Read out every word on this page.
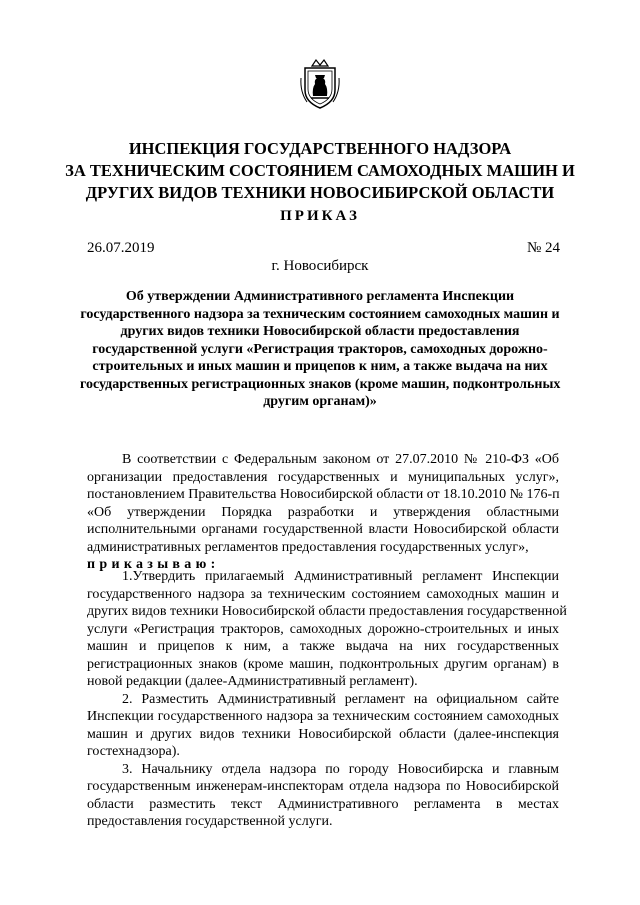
ИНСПЕКЦИЯ ГОСУДАРСТВЕННОГО НАДЗОРА
ЗА ТЕХНИЧЕСКИМ СОСТОЯНИЕМ САМОХОДНЫХ МАШИН И
ДРУГИХ ВИДОВ ТЕХНИКИ НОВОСИБИРСКОЙ ОБЛАСТИ
ПРИКАЗ
26.07.2019	№ 24
г. Новосибирск
Об утверждении Административного регламента Инспекции
государственного надзора за техническим состоянием самоходных машин и
других видов техники Новосибирской области предоставления
государственной услуги «Регистрация тракторов, самоходных дорожно-
строительных и иных машин и прицепов к ним, а также выдача на них
государственных регистрационных знаков (кроме машин, подконтрольных
другим органам)»
В соответствии с Федеральным законом от 27.07.2010 № 210-ФЗ «Об
организации предоставления государственных и муниципальных услуг»,
постановлением Правительства Новосибирской области от 18.10.2010 № 176-п
«Об утверждении Порядка разработки и утверждения областными
исполнительными органами государственной власти Новосибирской области
административных регламентов предоставления государственных услуг»,
приказываю:
1.Утвердить прилагаемый Административный регламент Инспекции
государственного надзора за техническим состоянием самоходных машин и
других видов техники Новосибирской области предоставления государственной
услуги «Регистрация тракторов, самоходных дорожно-строительных и иных
машин и прицепов к ним, а также выдача на них государственных
регистрационных знаков (кроме машин, подконтрольных другим органам) в
новой редакции (далее-Административный регламент).
2. Разместить Административный регламент на официальном сайте
Инспекции государственного надзора за техническим состоянием самоходных
машин и других видов техники Новосибирской области (далее-инспекция
гостехнадзора).
3. Начальнику отдела надзора по городу Новосибирска и главным
государственным инженерам-инспекторам отдела надзора по Новосибирской
области разместить текст Административного регламента в местах
предоставления государственной услуги.
